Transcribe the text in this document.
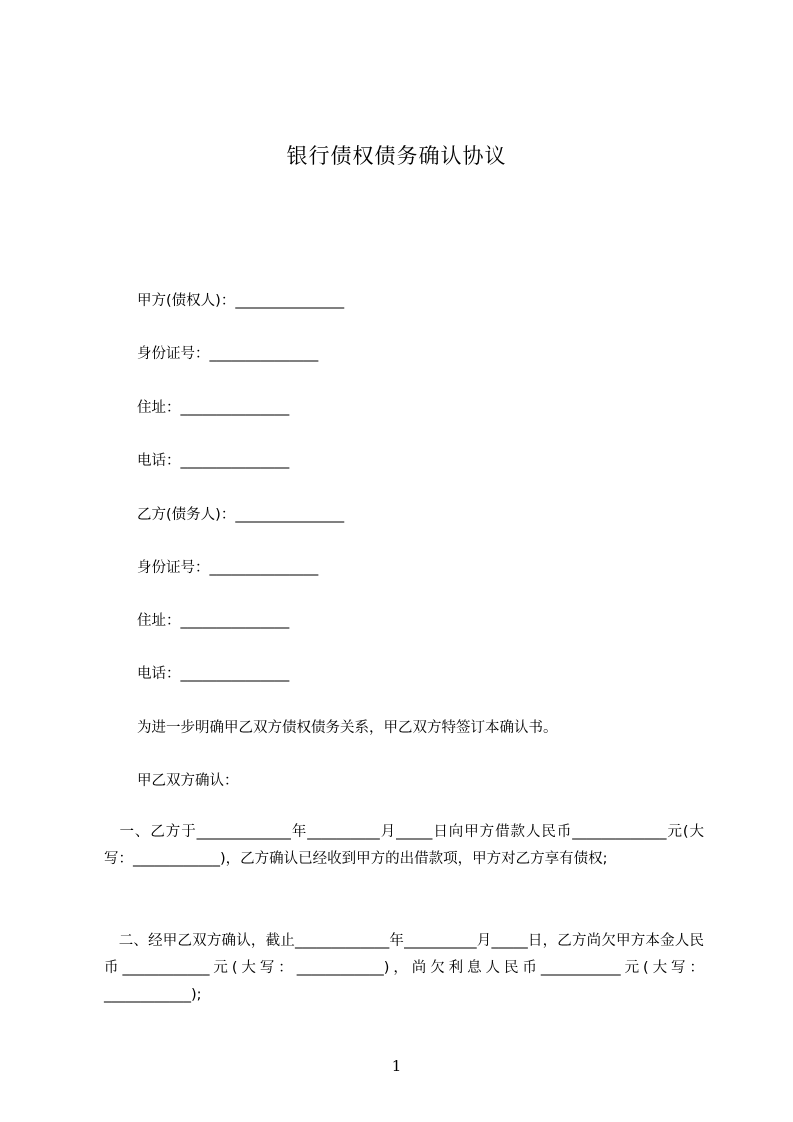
银行债权债务确认协议
甲方(债权人)：_______________
身份证号：_______________
住址：_______________
电话：_______________
乙方(债务人)：_______________
身份证号：_______________
住址：_______________
电话：_______________
为进一步明确甲乙双方债权债务关系，甲乙双方特签订本确认书。
甲乙双方确认：
　一、乙方于_____________年__________月_____日向甲方借款人民币_____________元(大写：____________)，乙方确认已经收到甲方的出借款项，甲方对乙方享有债权;
　二、经甲乙双方确认，截止_____________年__________月_____日，乙方尚欠甲方本金人民币____________元(大写：____________)，尚欠利息人民币___________元(大写：____________);
1
